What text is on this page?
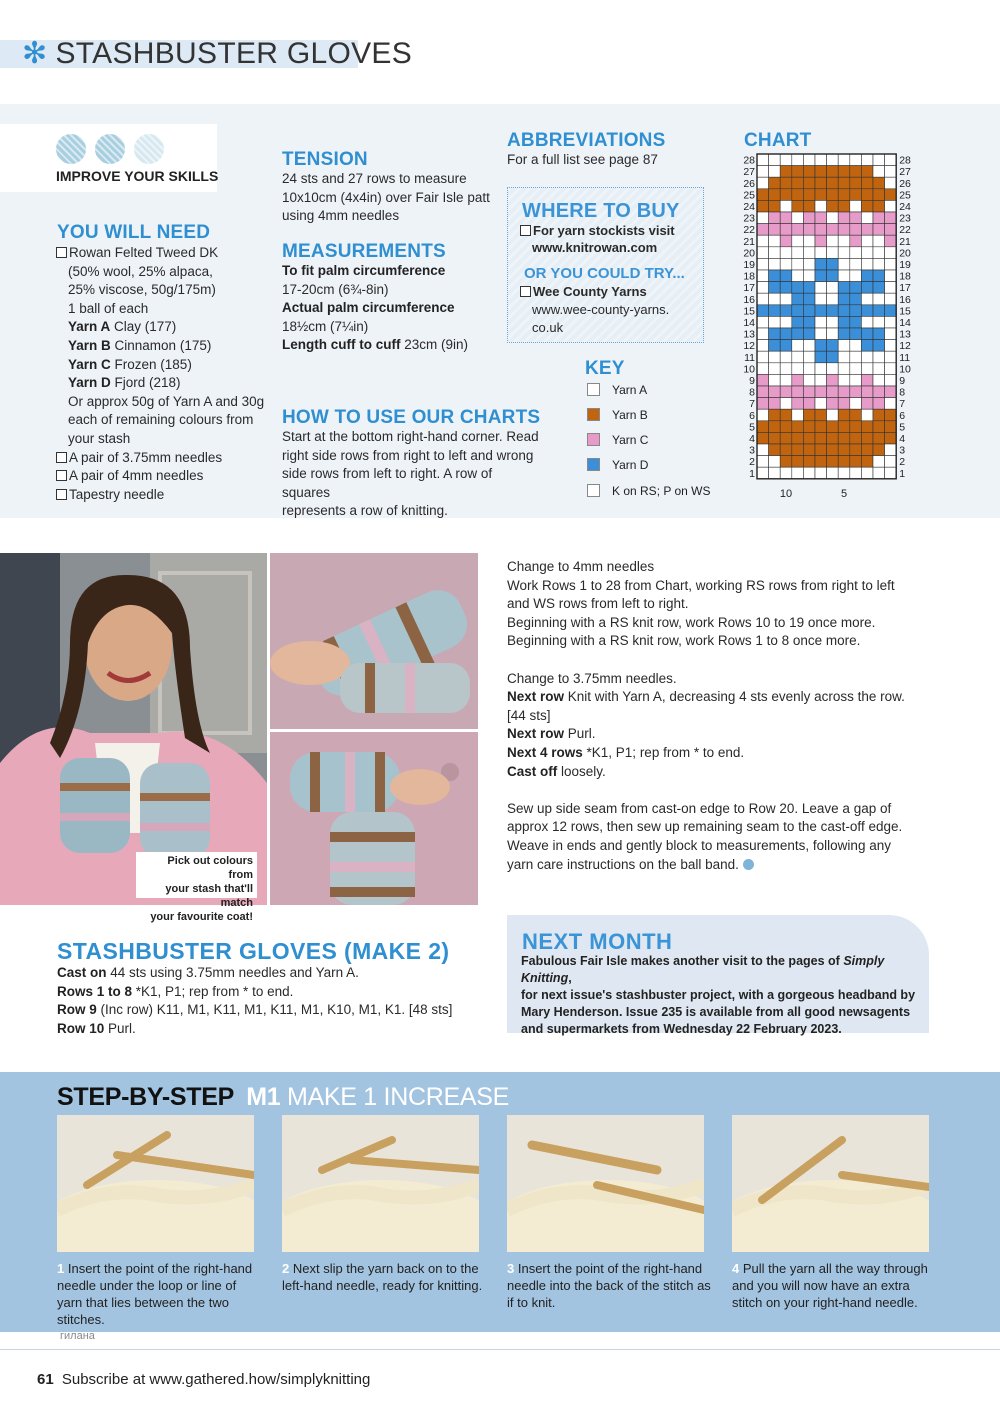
✻ STASHBUSTER GLOVES
IMPROVE YOUR SKILLS
YOU WILL NEED
Rowan Felted Tweed DK
(50% wool, 25% alpaca,
25% viscose, 50g/175m)
1 ball of each
Yarn A Clay (177)
Yarn B Cinnamon (175)
Yarn C Frozen (185)
Yarn D Fjord (218)
Or approx 50g of Yarn A and 30g
each of remaining colours from
your stash
A pair of 3.75mm needles
A pair of 4mm needles
Tapestry needle
TENSION
24 sts and 27 rows to measure
10x10cm (4x4in) over Fair Isle patt
using 4mm needles
MEASUREMENTS
To fit palm circumference
17-20cm (6¾-8in)
Actual palm circumference
18½cm (7¼in)
Length cuff to cuff 23cm (9in)
HOW TO USE OUR CHARTS
Start at the bottom right-hand corner. Read
right side rows from right to left and wrong
side rows from left to right. A row of squares
represents a row of knitting.
ABBREVIATIONS
For a full list see page 87
WHERE TO BUY
For yarn stockists visit
www.knitrowan.com
OR YOU COULD TRY...
Wee County Yarns
www.wee-county-yarns.
co.uk
KEY
Yarn A
Yarn B
Yarn C
Yarn D
K on RS; P on WS
CHART
28	28
27	27
26	26
25	25
24	24
23	23
22	22
21	21
20	20
19	19
18	18
17	17
16	16
15	15
14	14
13	13
12	12
11	11
10	10
9	9
8	8
7	7
6	6
5	5
4	4
3	3
2	2
1	1
10	5
Pick out colours from
your stash that'll match
your favourite coat!
STASHBUSTER GLOVES (MAKE 2)
Cast on 44 sts using 3.75mm needles and Yarn A.
Rows 1 to 8 *K1, P1; rep from * to end.
Row 9 (Inc row) K11, M1, K11, M1, K11, M1, K10, M1, K1. [48 sts]
Row 10 Purl.
Change to 4mm needles
Work Rows 1 to 28 from Chart, working RS rows from right to left
and WS rows from left to right.
Beginning with a RS knit row, work Rows 10 to 19 once more.
Beginning with a RS knit row, work Rows 1 to 8 once more.
Change to 3.75mm needles.
Next row Knit with Yarn A, decreasing 4 sts evenly across the row.
[44 sts]
Next row Purl.
Next 4 rows *K1, P1; rep from * to end.
Cast off loosely.
Sew up side seam from cast-on edge to Row 20. Leave a gap of
approx 12 rows, then sew up remaining seam to the cast-off edge.
Weave in ends and gently block to measurements, following any
yarn care instructions on the ball band.
NEXT MONTH
Fabulous Fair Isle makes another visit to the pages of Simply Knitting,
for next issue's stashbuster project, with a gorgeous headband by
Mary Henderson. Issue 235 is available from all good newsagents
and supermarkets from Wednesday 22 February 2023.
STEP-BY-STEP M1 MAKE 1 INCREASE
1 Insert the point of the right-hand needle under the loop or line of yarn that lies between the two stitches.
2 Next slip the yarn back on to the left-hand needle, ready for knitting.
3 Insert the point of the right-hand needle into the back of the stitch as if to knit.
4 Pull the yarn all the way through and you will now have an extra stitch on your right-hand needle.
гилана
61 Subscribe at www.gathered.how/simplyknitting
